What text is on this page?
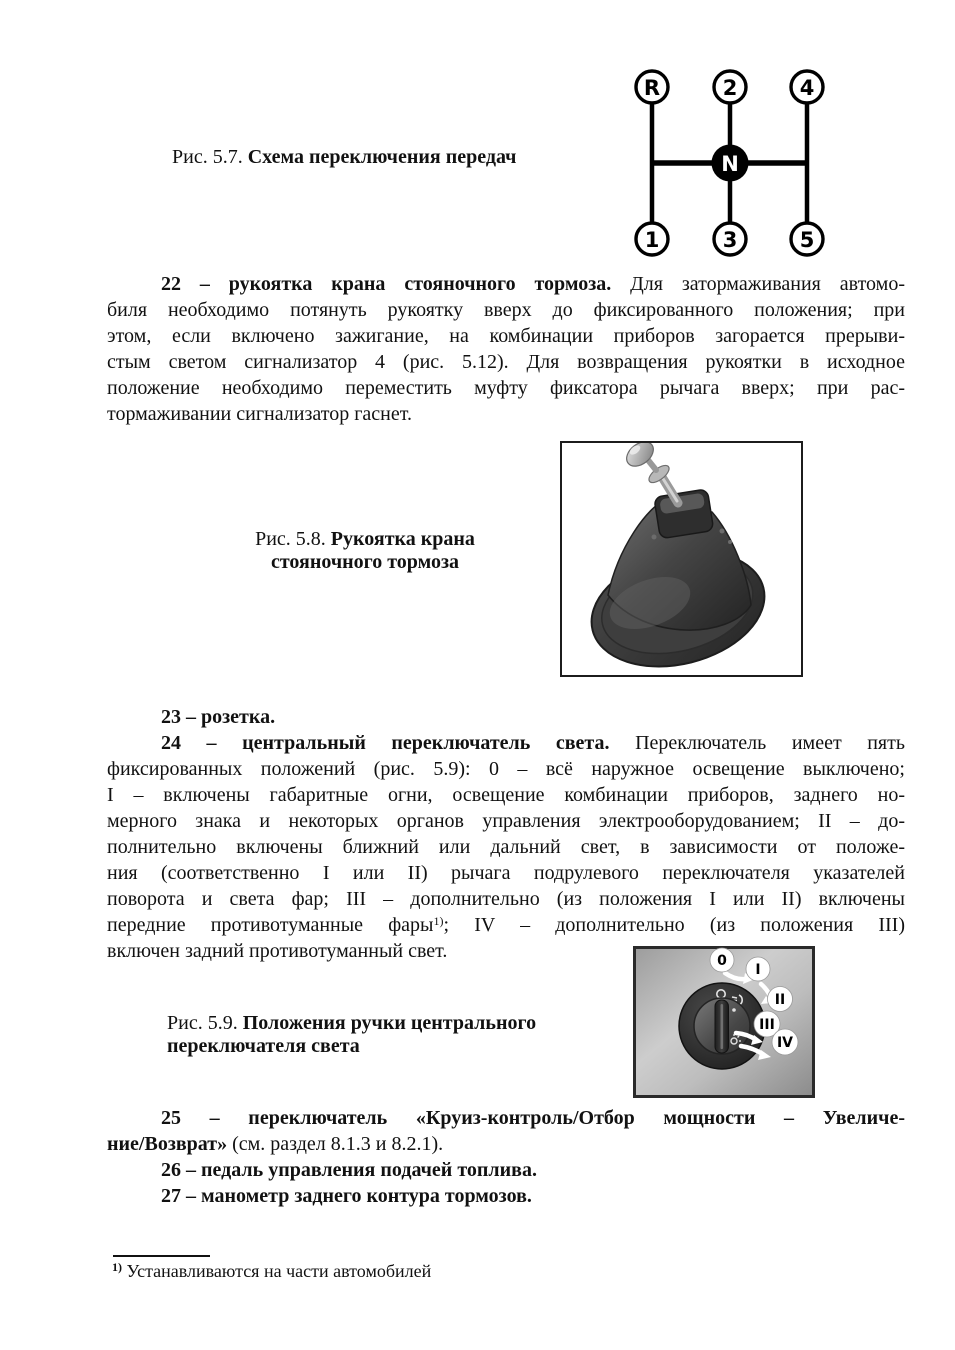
R	2	4
N
1	3	5
Рис. 5.7. Схема переключения передач
22 – рукоятка крана стояночного тормоза. Для затормаживания автомо-
биля необходимо потянуть рукоятку вверх до фиксированного положения; при
этом, если включено зажигание, на комбинации приборов загорается прерыви-
стым светом сигнализатор 4 (рис. 5.12). Для возвращения рукоятки в исходное
положение необходимо переместить муфту фиксатора рычага вверх; при рас-
тормаживании сигнализатор гаснет.
Рис. 5.8. Рукоятка крана
стояночного тормоза
23 – розетка.
24 – центральный переключатель света. Переключатель имеет пять
фиксированных положений (рис. 5.9): 0 – всё наружное освещение выключено;
I – включены габаритные огни, освещение комбинации приборов, заднего но-
мерного знака и некоторых органов управления электрооборудованием; II – до-
полнительно включены ближний или дальний свет, в зависимости от положе-
ния (соответственно I или II) рычага подрулевого переключателя указателей
поворота и света фар; III – дополнительно (из положения I или II) включены
передние противотуманные фары$^{1)}$; IV – дополнительно (из положения III)
включен задний противотуманный свет.	0
I
II
III
IV
Рис. 5.9. Положения ручки центрального
переключателя света
25 – переключатель «Круиз-контроль/Отбор мощности – Увеличе-
ние/Возврат» (см. раздел 8.1.3 и 8.2.1).
26 – педаль управления подачей топлива.
27 – манометр заднего контура тормозов.
$^{1)}$ Устанавливаются на части автомобилей
